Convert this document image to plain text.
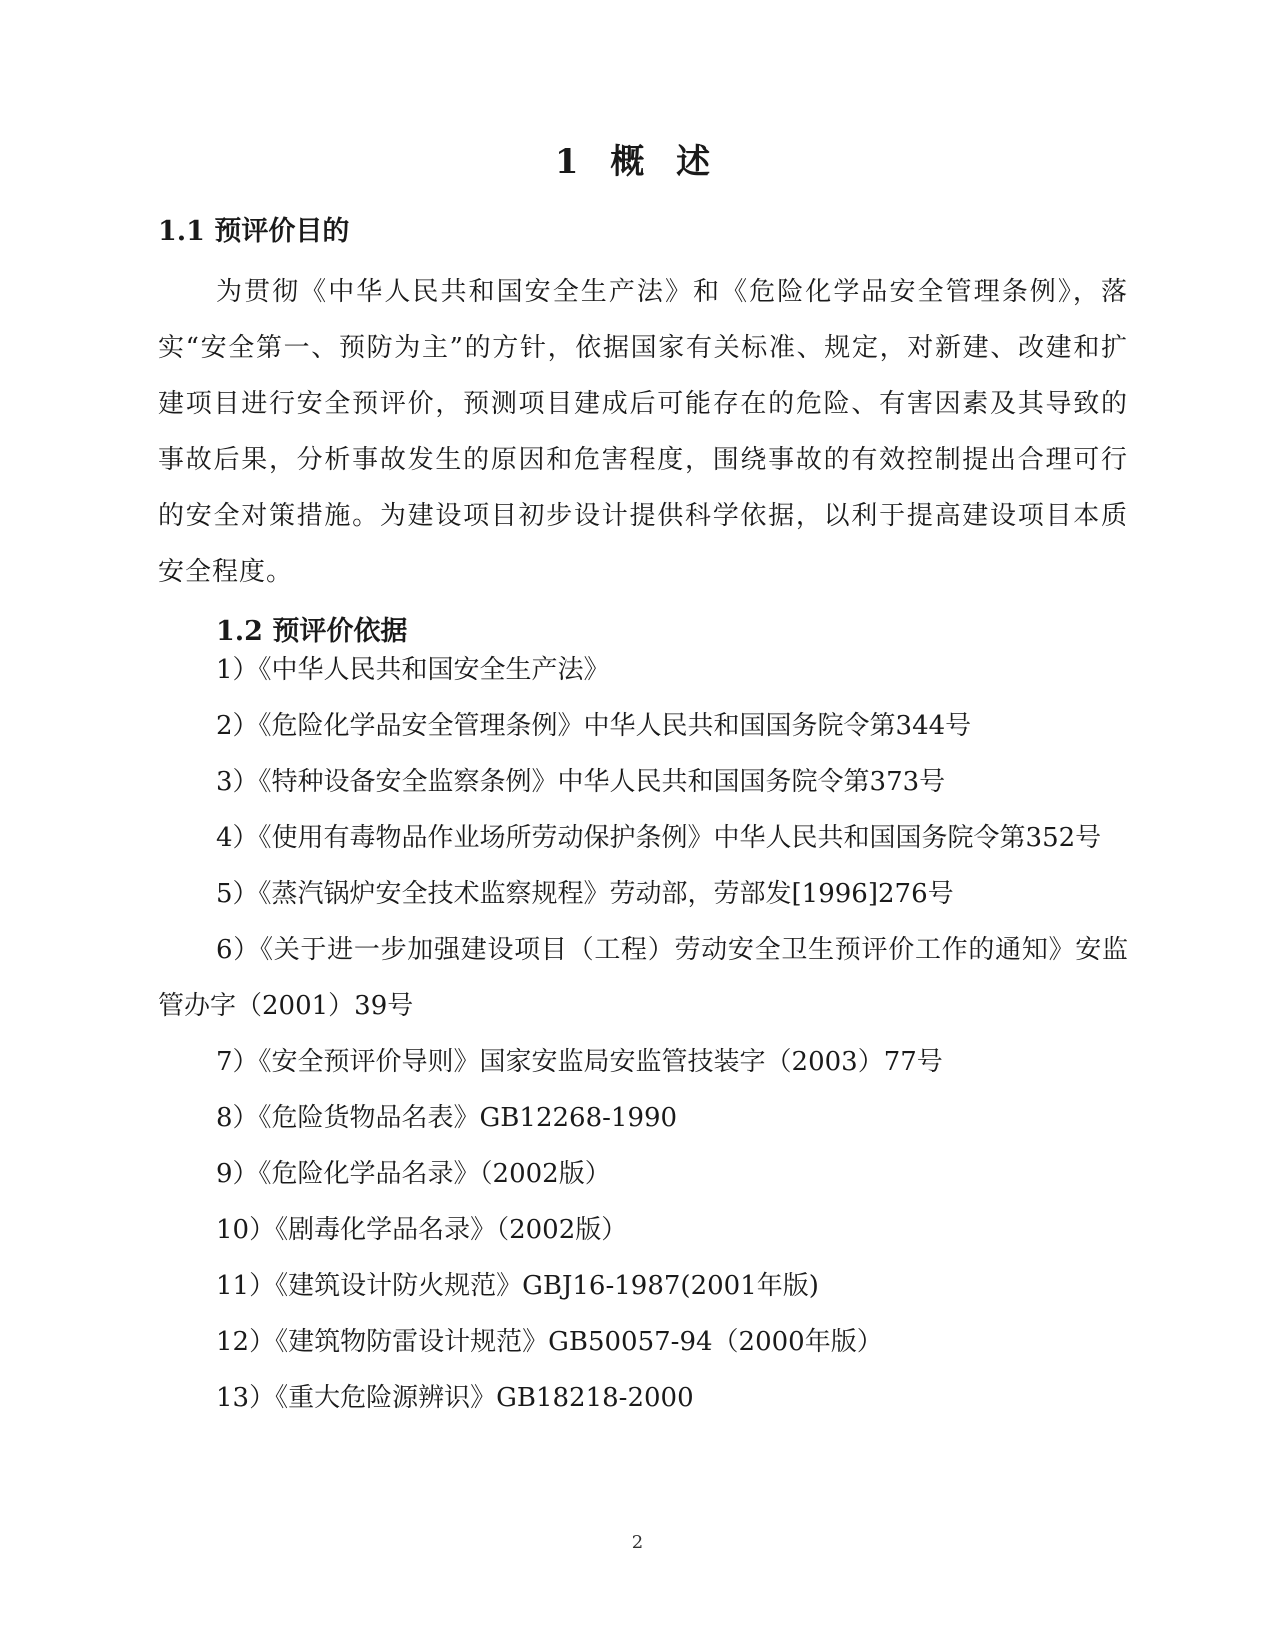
1 概 述
1.1 预评价目的
为贯彻《中华人民共和国安全生产法》和《危险化学品安全管理条例》，落实“安全第一、预防为主”的方针，依据国家有关标准、规定，对新建、改建和扩建项目进行安全预评价，预测项目建成后可能存在的危险、有害因素及其导致的事故后果，分析事故发生的原因和危害程度，围绕事故的有效控制提出合理可行的安全对策措施。为建设项目初步设计提供科学依据，以利于提高建设项目本质安全程度。
1.2 预评价依据
1）《中华人民共和国安全生产法》
2）《危险化学品安全管理条例》中华人民共和国国务院令第344号
3）《特种设备安全监察条例》中华人民共和国国务院令第373号
4）《使用有毒物品作业场所劳动保护条例》中华人民共和国国务院令第352号
5）《蒸汽锅炉安全技术监察规程》劳动部，劳部发[1996]276号
6）《关于进一步加强建设项目（工程）劳动安全卫生预评价工作的通知》安监管办字（2001）39号
7）《安全预评价导则》国家安监局安监管技装字（2003）77号
8）《危险货物品名表》GB12268-1990
9）《危险化学品名录》（2002版）
10）《剧毒化学品名录》（2002版）
11）《建筑设计防火规范》GBJ16-1987(2001年版)
12）《建筑物防雷设计规范》GB50057-94（2000年版）
13）《重大危险源辨识》GB18218-2000
2
